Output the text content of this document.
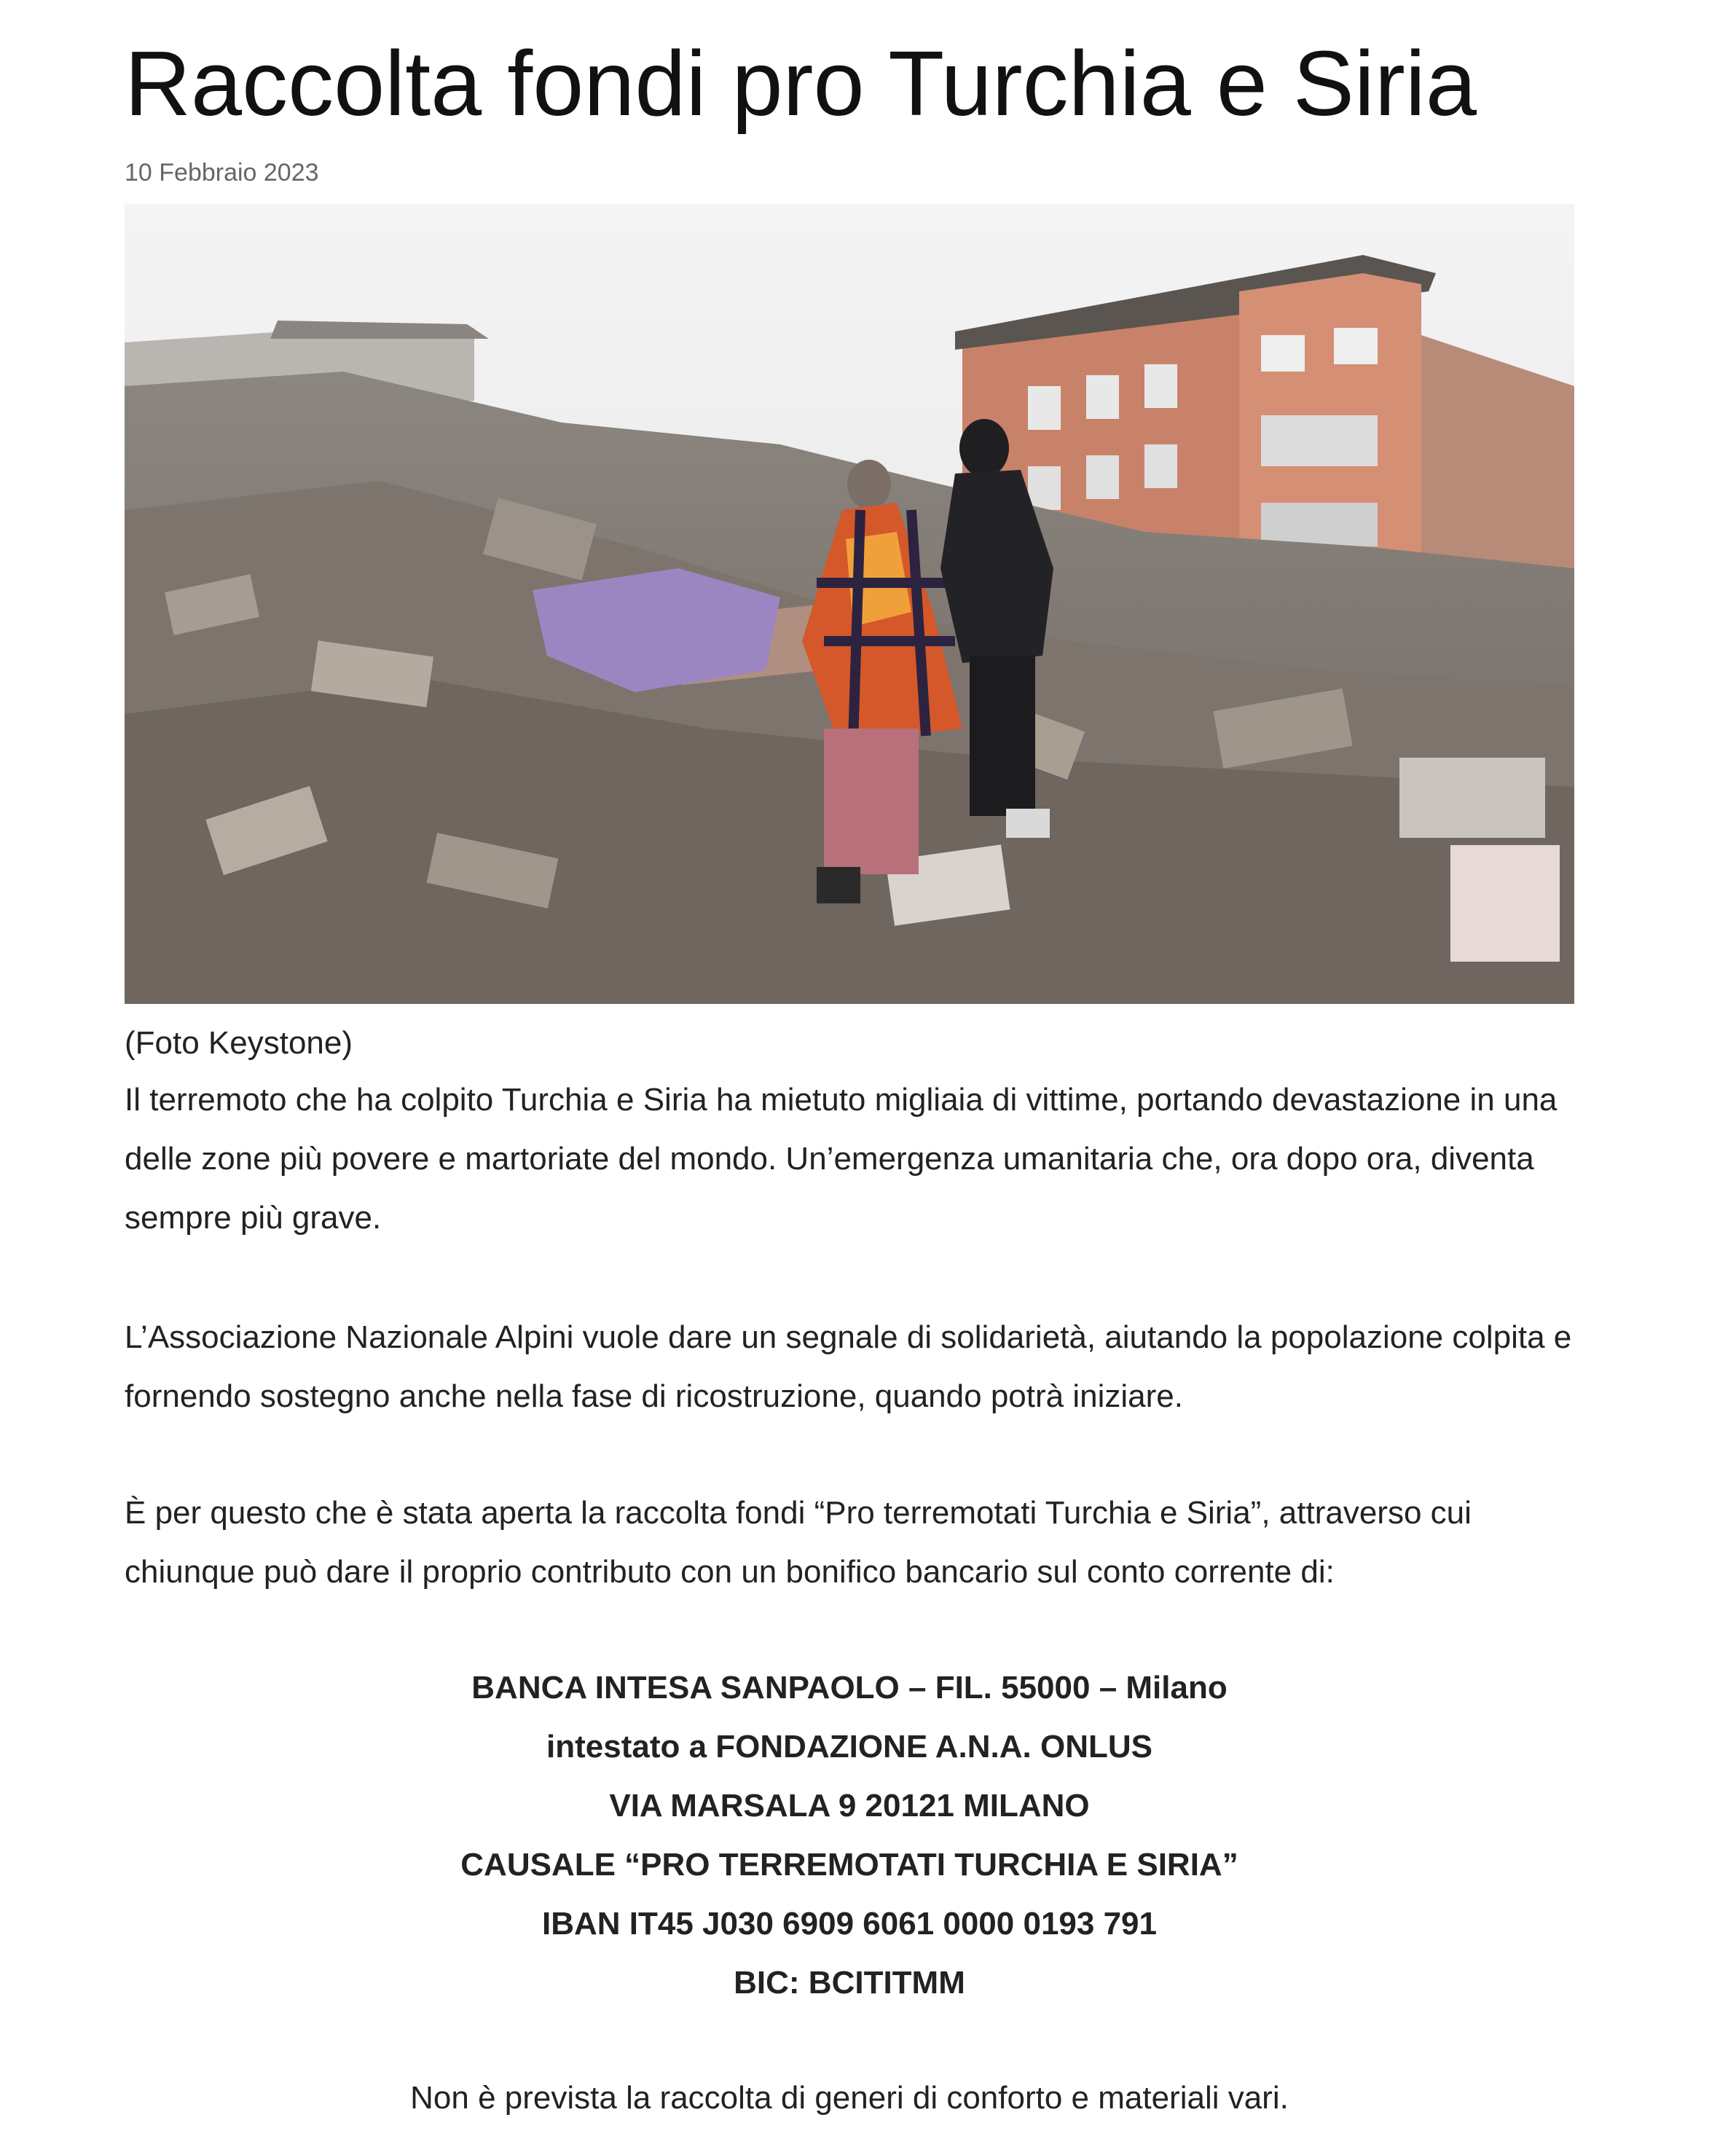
Raccolta fondi pro Turchia e Siria
10 Febbraio 2023
(Foto Keystone)

Il terremoto che ha colpito Turchia e Siria ha mietuto migliaia di vittime, portando devastazione in una delle zone più povere e martoriate del mondo. Un’emergenza umanitaria che, ora dopo ora, diventa sempre più grave.

L’Associazione Nazionale Alpini vuole dare un segnale di solidarietà, aiutando la popolazione colpita e fornendo sostegno anche nella fase di ricostruzione, quando potrà iniziare.

È per questo che è stata aperta la raccolta fondi “Pro terremotati Turchia e Siria”, attraverso cui chiunque può dare il proprio contributo con un bonifico bancario sul conto corrente di:

BANCA INTESA SANPAOLO – FIL. 55000 – Milano
intestato a FONDAZIONE A.N.A. ONLUS
VIA MARSALA 9 20121 MILANO
CAUSALE “PRO TERREMOTATI TURCHIA E SIRIA”
IBAN IT45 J030 6909 6061 0000 0193 791
BIC: BCITITMM
Non è prevista la raccolta di generi di conforto e materiali vari.
